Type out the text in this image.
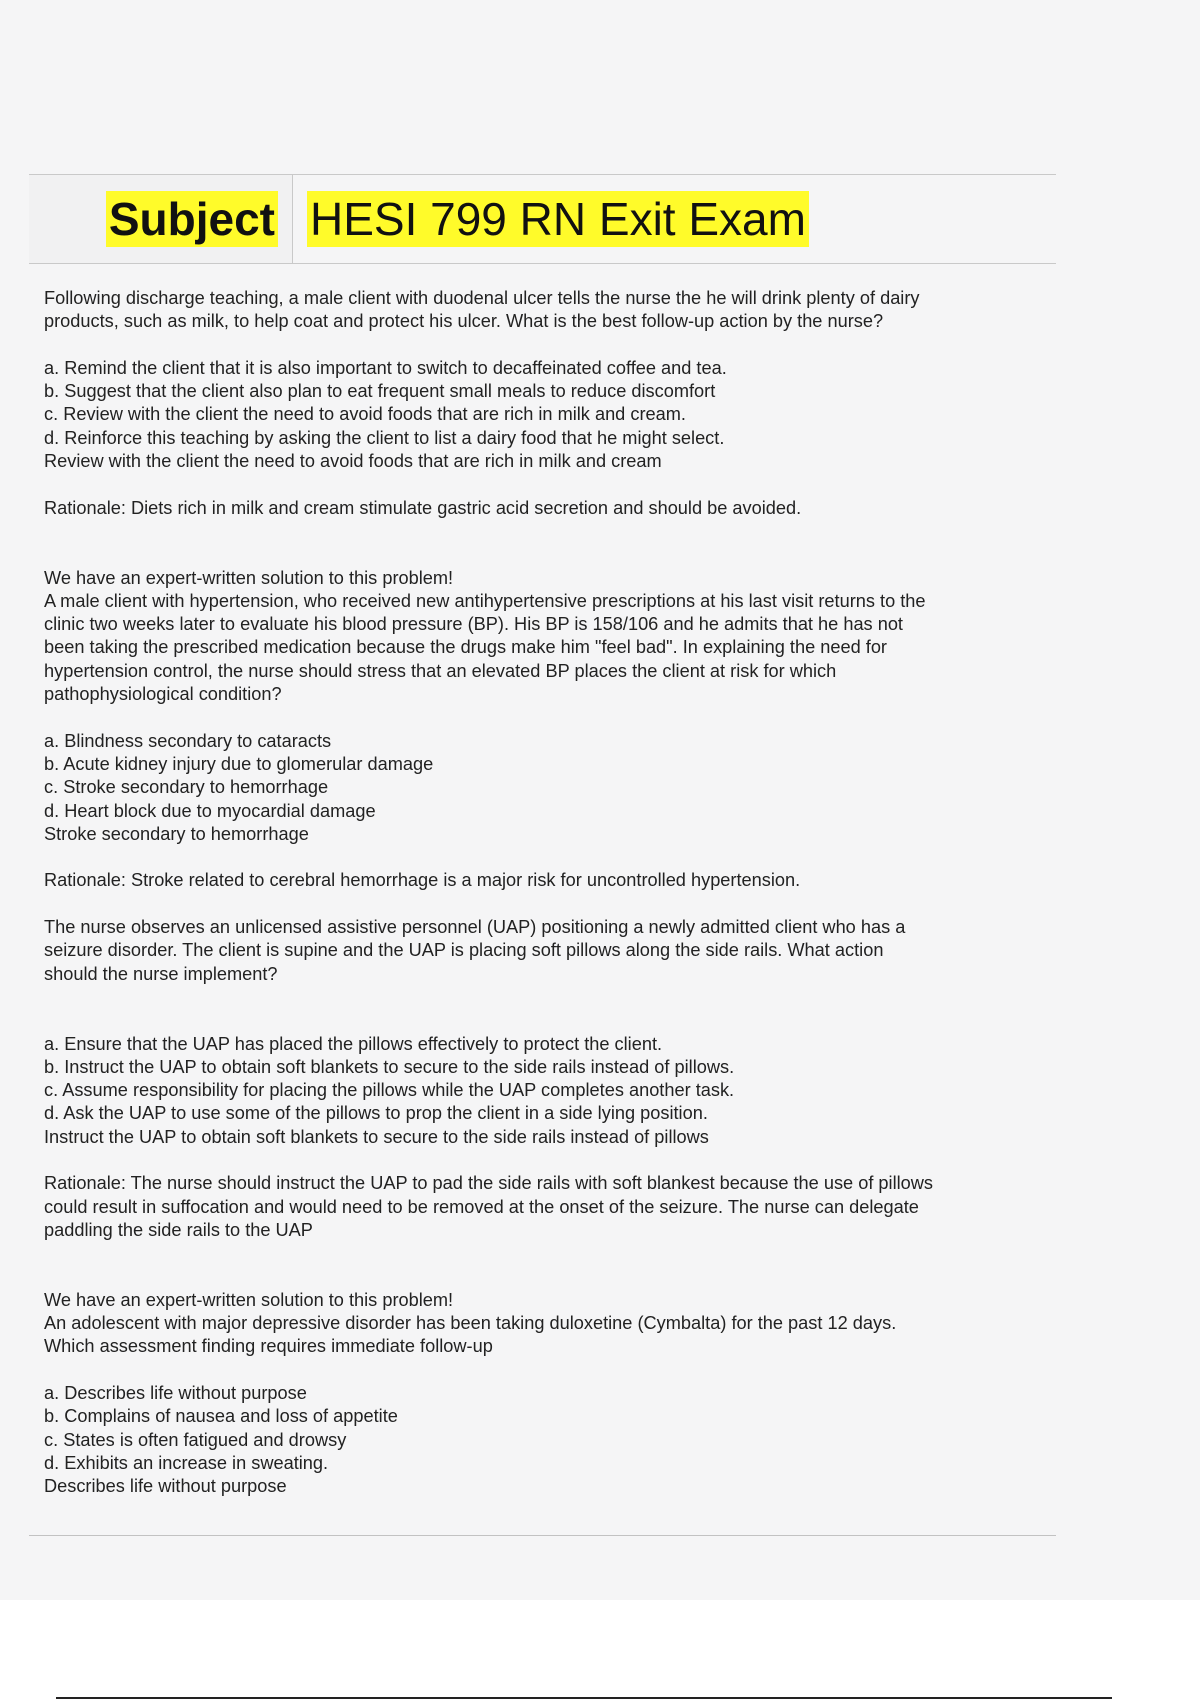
Subject HESI 799 RN Exit Exam
Following discharge teaching, a male client with duodenal ulcer tells the nurse the he will drink plenty of dairy
products, such as milk, to help coat and protect his ulcer. What is the best follow-up action by the nurse?
a. Remind the client that it is also important to switch to decaffeinated coffee and tea.
b. Suggest that the client also plan to eat frequent small meals to reduce discomfort
c. Review with the client the need to avoid foods that are rich in milk and cream.
d. Reinforce this teaching by asking the client to list a dairy food that he might select.
Review with the client the need to avoid foods that are rich in milk and cream
Rationale: Diets rich in milk and cream stimulate gastric acid secretion and should be avoided.
We have an expert-written solution to this problem!
A male client with hypertension, who received new antihypertensive prescriptions at his last visit returns to the
clinic two weeks later to evaluate his blood pressure (BP). His BP is 158/106 and he admits that he has not
been taking the prescribed medication because the drugs make him "feel bad". In explaining the need for
hypertension control, the nurse should stress that an elevated BP places the client at risk for which
pathophysiological condition?
a. Blindness secondary to cataracts
b. Acute kidney injury due to glomerular damage
c. Stroke secondary to hemorrhage
d. Heart block due to myocardial damage
Stroke secondary to hemorrhage
Rationale: Stroke related to cerebral hemorrhage is a major risk for uncontrolled hypertension.
The nurse observes an unlicensed assistive personnel (UAP) positioning a newly admitted client who has a
seizure disorder. The client is supine and the UAP is placing soft pillows along the side rails. What action
should the nurse implement?
a. Ensure that the UAP has placed the pillows effectively to protect the client.
b. Instruct the UAP to obtain soft blankets to secure to the side rails instead of pillows.
c. Assume responsibility for placing the pillows while the UAP completes another task.
d. Ask the UAP to use some of the pillows to prop the client in a side lying position.
Instruct the UAP to obtain soft blankets to secure to the side rails instead of pillows
Rationale: The nurse should instruct the UAP to pad the side rails with soft blankest because the use of pillows
could result in suffocation and would need to be removed at the onset of the seizure. The nurse can delegate
paddling the side rails to the UAP
We have an expert-written solution to this problem!
An adolescent with major depressive disorder has been taking duloxetine (Cymbalta) for the past 12 days.
Which assessment finding requires immediate follow-up
a. Describes life without purpose
b. Complains of nausea and loss of appetite
c. States is often fatigued and drowsy
d. Exhibits an increase in sweating.
Describes life without purpose
